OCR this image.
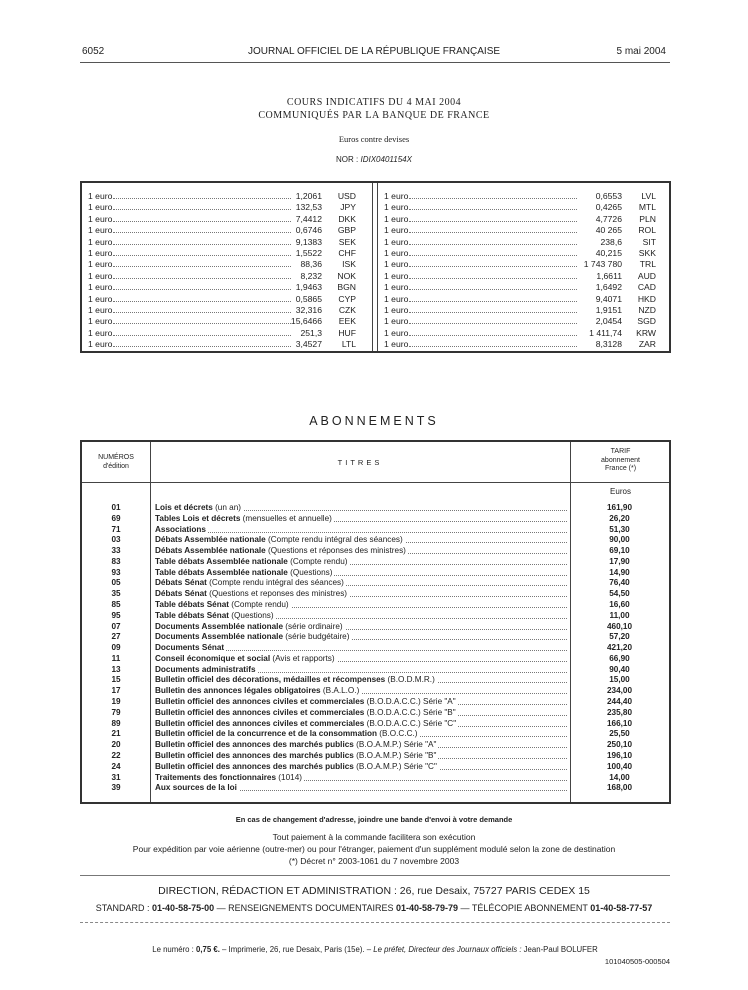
6052	JOURNAL OFFICIEL DE LA RÉPUBLIQUE FRANÇAISE	5 mai 2004
COURS INDICATIFS DU 4 MAI 2004
COMMUNIQUÉS PAR LA BANQUE DE FRANCE
Euros contre devises
NOR : IDIX0401154X
1 euro	1,2061 USD
1 euro	132,53 JPY
1 euro	7,4412 DKK
1 euro	0,6746 GBP
1 euro	9,1383 SEK
1 euro	1,5522 CHF
1 euro	88,36 ISK
1 euro	8,232 NOK
1 euro	1,9463 BGN
1 euro	0,5865 CYP
1 euro	32,316 CZK
1 euro	15,6466 EEK
1 euro	251,3 HUF
1 euro	3,4527 LTL
1 euro	0,6553 LVL
1 euro	0,4265 MTL
1 euro	4,7726 PLN
1 euro	40 265 ROL
1 euro	238,6 SIT
1 euro	40,215 SKK
1 euro	1 743 780 TRL
1 euro	1,6611 AUD
1 euro	1,6492 CAD
1 euro	9,4071 HKD
1 euro	1,9151 NZD
1 euro	2,0454 SGD
1 euro	1 411,74 KRW
1 euro	8,3128 ZAR
ABONNEMENTS
NUMÉROS
d'édition	TITRES
TARIF
abonnement
France (*)
Euros
01	Lois et décrets (un an)	161,90
69	Tables Lois et décrets (mensuelles et annuelle)	26,20
71	Associations	51,30
03	Débats Assemblée nationale (Compte rendu intégral des séances)	90,00
33	Débats Assemblée nationale (Questions et réponses des ministres)	69,10
83	Table débats Assemblée nationale (Compte rendu)	17,90
93	Table débats Assemblée nationale (Questions)	14,90
05	Débats Sénat (Compte rendu intégral des séances)	76,40
35	Débats Sénat (Questions et reponses des ministres)	54,50
85	Table débats Sénat (Compte rendu)	16,60
95	Table débats Sénat (Questions)	11,00
07	Documents Assemblée nationale (série ordinaire)	460,10
27	Documents Assemblée nationale (série budgétaire)	57,20
09	Documents Sénat	421,20
11	Conseil économique et social (Avis et rapports)	66,90
13	Documents administratifs	90,40
15	Bulletin officiel des décorations, médailles et récompenses (B.O.D.M.R.)	15,00
17	Bulletin des annonces légales obligatoires (B.A.L.O.)	234,00
19	Bulletin officiel des annonces civiles et commerciales (B.O.D.A.C.C.) Série "A"	244,40
79	Bulletin officiel des annonces civiles et commerciales (B.O.D.A.C.C.) Série "B"	235,80
89	Bulletin officiel des annonces civiles et commerciales (B.O.D.A.C.C.) Série "C"	166,10
21	Bulletin officiel de la concurrence et de la consommation (B.O.C.C.)	25,50
20	Bulletin officiel des annonces des marchés publics (B.O.A.M.P.) Série "A"	250,10
22	Bulletin officiel des annonces des marchés publics (B.O.A.M.P.) Série "B"	196,10
24	Bulletin officiel des annonces des marchés publics (B.O.A.M.P.) Série "C"	100,40
31	Traitements des fonctionnaires (1014)	14,00
39	Aux sources de la loi	168,00
En cas de changement d'adresse, joindre une bande d'envoi à votre demande
Tout paiement à la commande facilitera son exécution
Pour expédition par voie aérienne (outre-mer) ou pour l'étranger, paiement d'un supplément modulé selon la zone de destination
(*) Décret n° 2003-1061 du 7 novembre 2003
DIRECTION, RÉDACTION ET ADMINISTRATION : 26, rue Desaix, 75727 PARIS CEDEX 15
STANDARD : 01-40-58-75-00 — RENSEIGNEMENTS DOCUMENTAIRES 01-40-58-79-79 — TÉLÉCOPIE ABONNEMENT 01-40-58-77-57
Le numéro : 0,75 €. – Imprimerie, 26, rue Desaix, Paris (15e). – Le préfet, Directeur des Journaux officiels : Jean-Paul BOLUFER
101040505-000504
